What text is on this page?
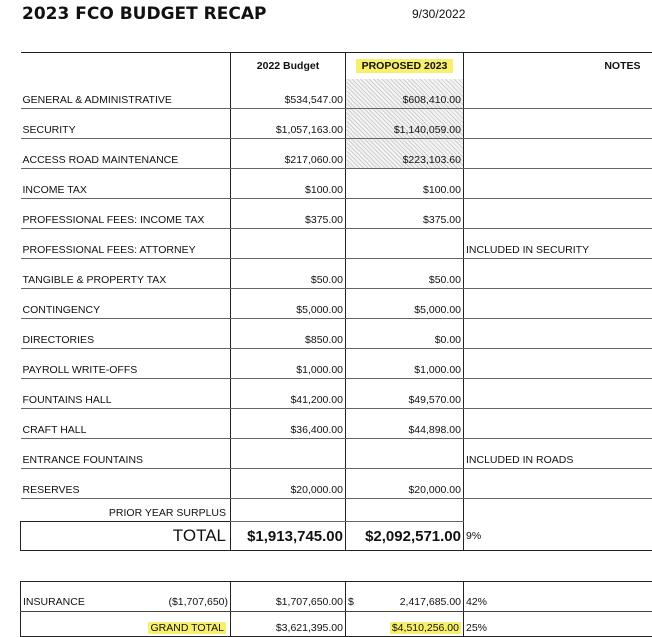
2023 FCO BUDGET RECAP	9/30/2022
	2022 Budget	PROPOSED 2023	NOTES
GENERAL & ADMINISTRATIVE	$534,547.00	$608,410.00	
SECURITY	$1,057,163.00	$1,140,059.00	
ACCESS ROAD MAINTENANCE	$217,060.00	$223,103.60	
INCOME TAX	$100.00	$100.00	
PROFESSIONAL FEES: INCOME TAX	$375.00	$375.00	
PROFESSIONAL FEES: ATTORNEY			INCLUDED IN SECURITY
TANGIBLE & PROPERTY TAX	$50.00	$50.00	
CONTINGENCY	$5,000.00	$5,000.00	
DIRECTORIES	$850.00	$0.00	
PAYROLL WRITE-OFFS	$1,000.00	$1,000.00	
FOUNTAINS HALL	$41,200.00	$49,570.00	
CRAFT HALL	$36,400.00	$44,898.00	
ENTRANCE FOUNTAINS			INCLUDED IN ROADS
RESERVES	$20,000.00	$20,000.00	
PRIOR YEAR SURPLUS			
TOTAL	$1,913,745.00	$2,092,571.00	9%

INSURANCE ($1,707,650)	$1,707,650.00	$ 2,417,685.00	42%
GRAND TOTAL	$3,621,395.00	$4,510,256.00	25%
